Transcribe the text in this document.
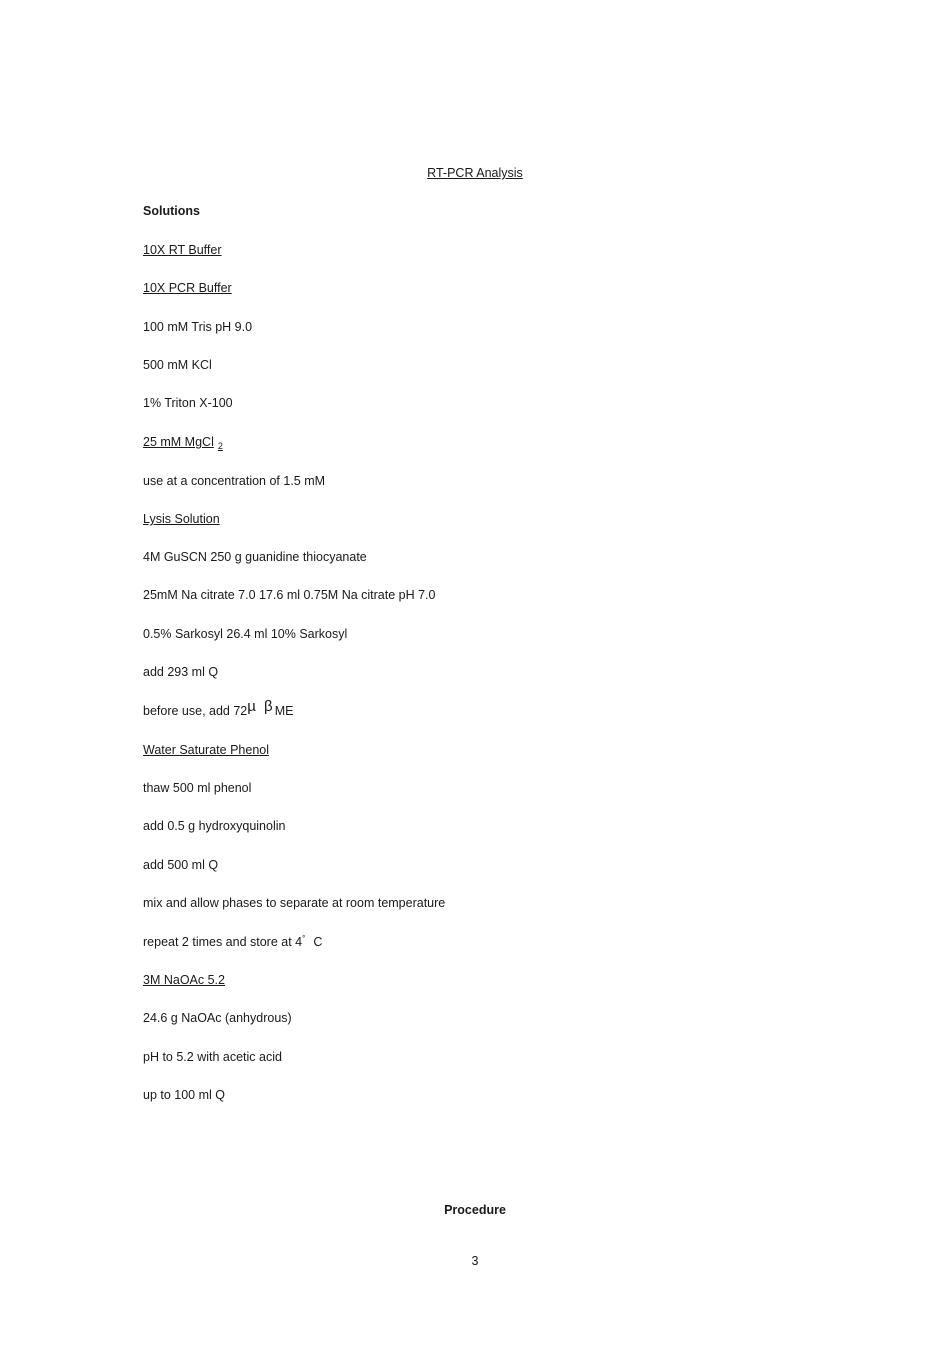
RT-PCR Analysis
Solutions
10X RT Buffer
10X PCR Buffer
100 mM Tris pH 9.0
500 mM KCl
1% Triton X-100
25 mM MgCl $_2$
use at a concentration of 1.5 mM
Lysis Solution
4M GuSCN 250 g guanidine thiocyanate
25mM Na citrate 7.0 17.6 ml 0.75M Na citrate pH 7.0
0.5% Sarkosyl 26.4 ml 10% Sarkosyl
add 293 ml Q
before use, add 72µ βME
Water Saturate Phenol
thaw 500 ml phenol
add 0.5 g hydroxyquinolin
add 500 ml Q
mix and allow phases to separate at room temperature
repeat 2 times and store at 4° C
3M NaOAc 5.2
24.6 g NaOAc (anhydrous)
pH to 5.2 with acetic acid
up to 100 ml Q
Procedure
3
